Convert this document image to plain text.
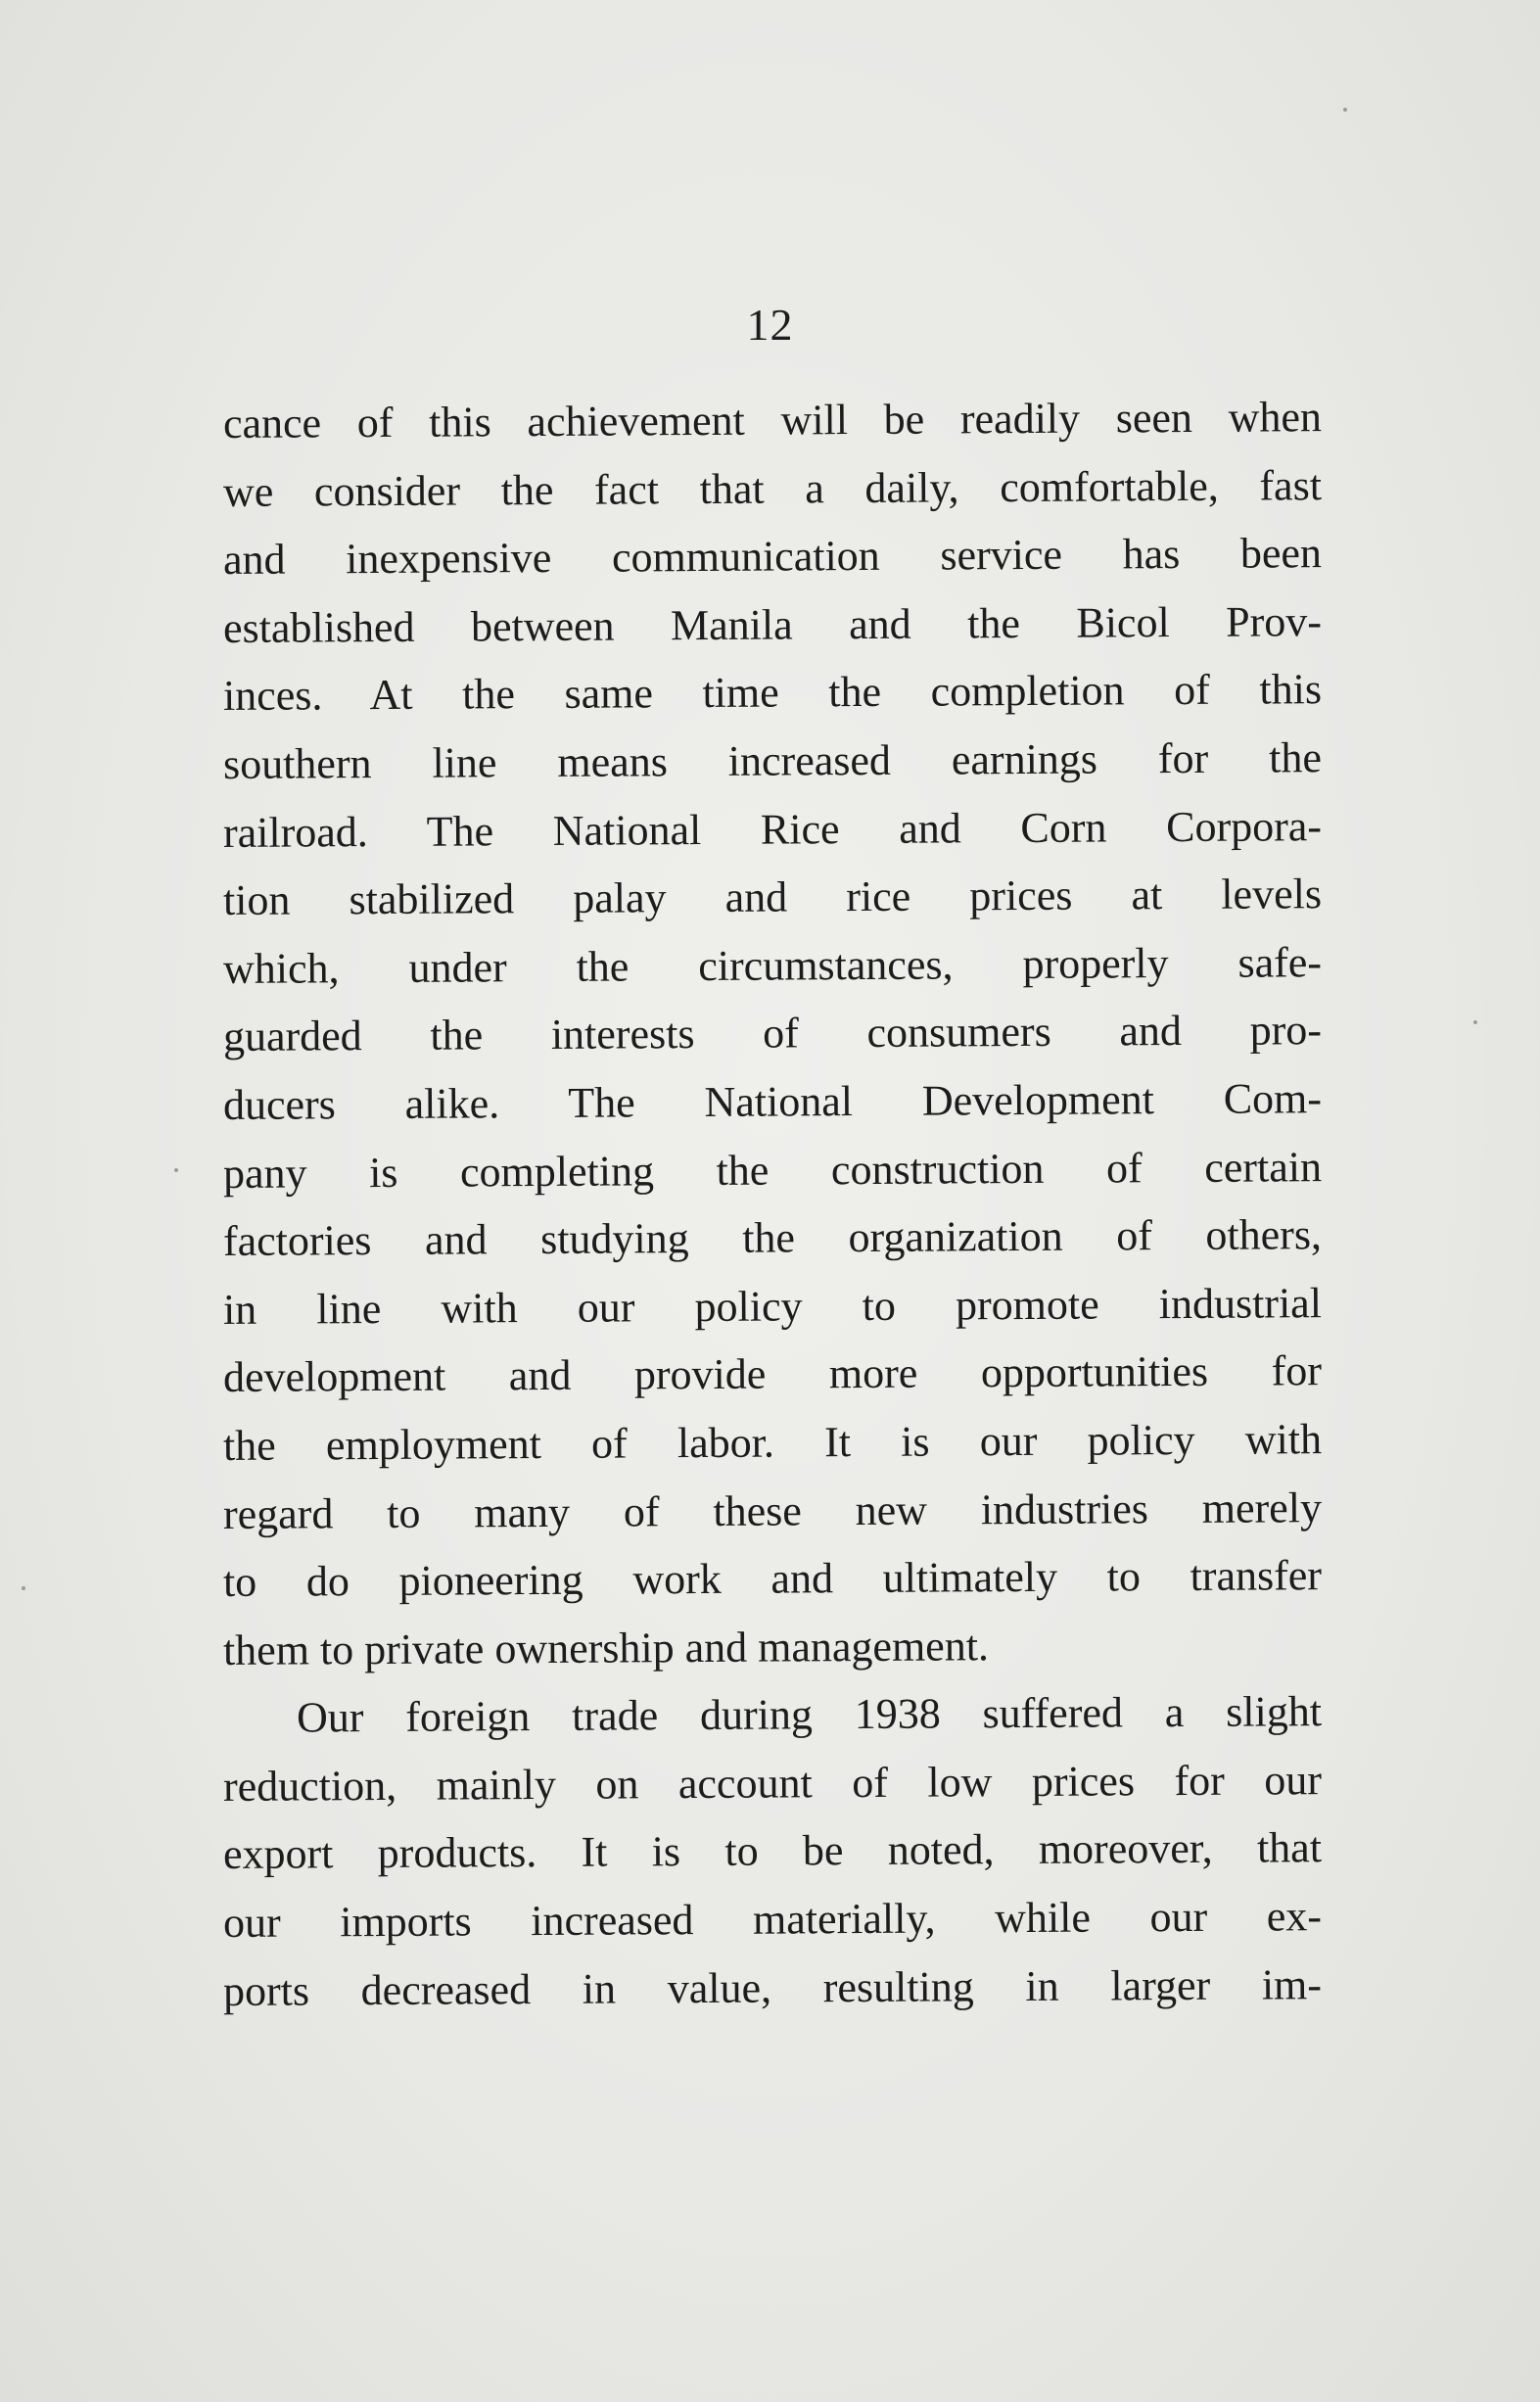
12
cance of this achievement will be readily seen when
we consider the fact that a daily, comfortable, fast
and inexpensive communication service has been
established between Manila and the Bicol Prov-
inces. At the same time the completion of this
southern line means increased earnings for the
railroad. The National Rice and Corn Corpora-
tion stabilized palay and rice prices at levels
which, under the circumstances, properly safe-
guarded the interests of consumers and pro-
ducers alike. The National Development Com-
pany is completing the construction of certain
factories and studying the organization of others,
in line with our policy to promote industrial
development and provide more opportunities for
the employment of labor. It is our policy with
regard to many of these new industries merely
to do pioneering work and ultimately to transfer
them to private ownership and management.
Our foreign trade during 1938 suffered a slight
reduction, mainly on account of low prices for our
export products. It is to be noted, moreover, that
our imports increased materially, while our ex-
ports decreased in value, resulting in larger im-
